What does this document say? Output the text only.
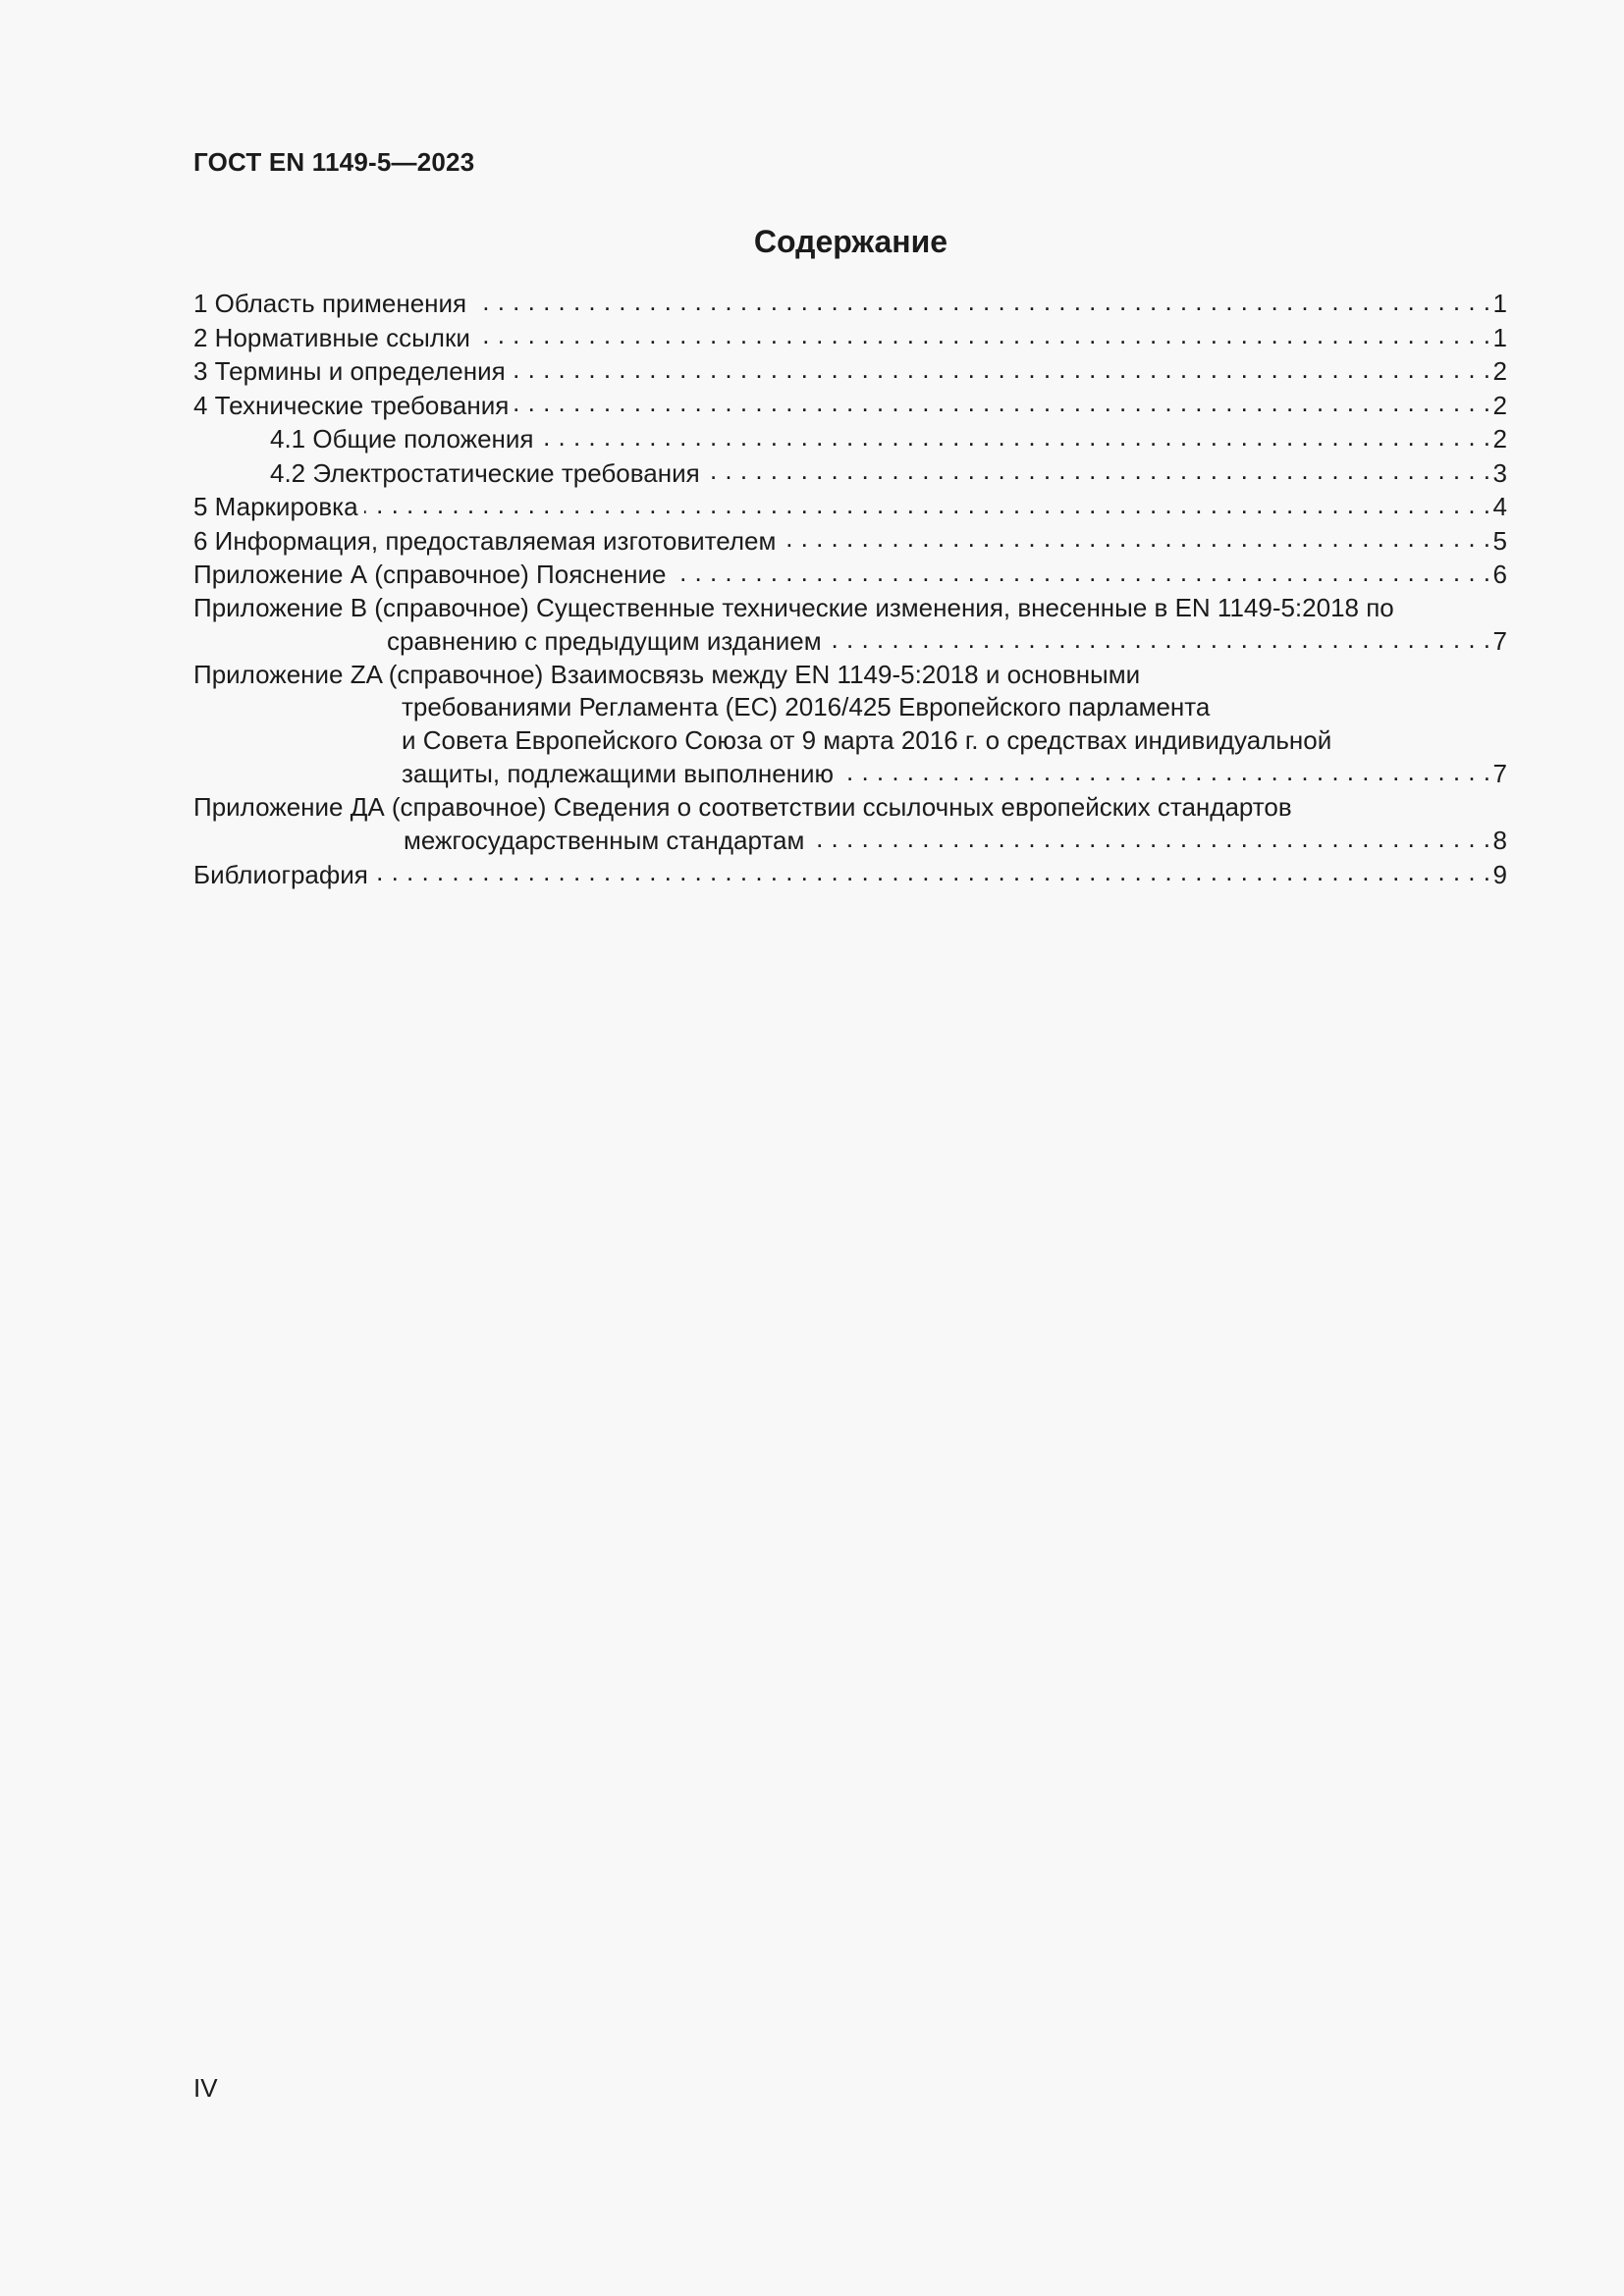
ГОСТ EN 1149-5—2023
Содержание
1 Область применения . . .	1
2 Нормативные ссылки . . .	1
3 Термины и определения . . .	2
4 Технические требования . . .	2
4.1 Общие положения . . .	2
4.2 Электростатические требования . . .	3
5 Маркировка . . .	4
6 Информация, предоставляемая изготовителем . . .	5
Приложение А (справочное) Пояснение . . .	6
Приложение В (справочное) Существенные технические изменения, внесенные в EN 1149-5:2018 по
сравнению с предыдущим изданием . . .	7
Приложение ZA (справочное) Взаимосвязь между EN 1149-5:2018 и основными
требованиями Регламента (ЕС) 2016/425 Европейского парламента
и Совета Европейского Союза от 9 марта 2016 г. о средствах индивидуальной
защиты, подлежащими выполнению . . .	7
Приложение ДА (справочное) Сведения о соответствии ссылочных европейских стандартов
межгосударственным стандартам . . .	8
Библиография . . .	9
IV
